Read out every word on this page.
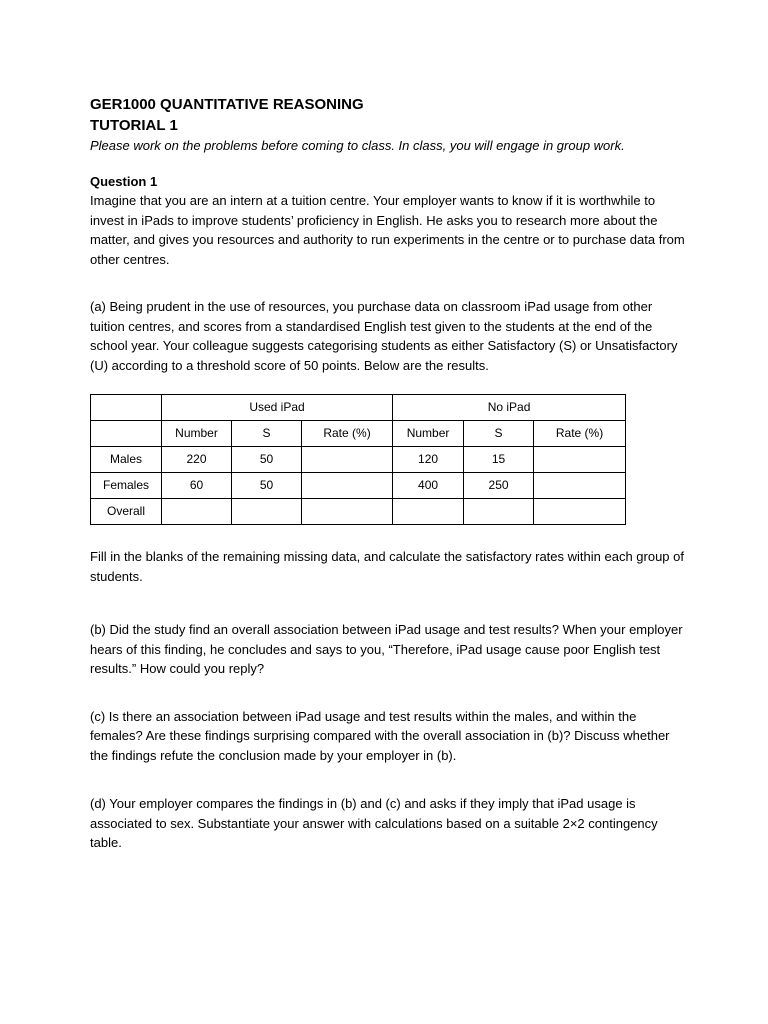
GER1000 QUANTITATIVE REASONING

TUTORIAL 1

Please work on the problems before coming to class. In class, you will engage in group work.

Question 1

Imagine that you are an intern at a tuition centre. Your employer wants to know if it is worthwhile to invest in iPads to improve students’ proficiency in English. He asks you to research more about the matter, and gives you resources and authority to run experiments in the centre or to purchase data from other centres.

(a) Being prudent in the use of resources, you purchase data on classroom iPad usage from other tuition centres, and scores from a standardised English test given to the students at the end of the school year. Your colleague suggests categorising students as either Satisfactory (S) or Unsatisfactory (U) according to a threshold score of 50 points. Below are the results.

	Used iPad			No iPad		
	Number	S	Rate (%)	Number	S	Rate (%)
Males	220	50		120	15	
Females	60	50		400	250	
Overall						

Fill in the blanks of the remaining missing data, and calculate the satisfactory rates within each group of students.

(b) Did the study find an overall association between iPad usage and test results? When your employer hears of this finding, he concludes and says to you, “Therefore, iPad usage cause poor English test results.” How could you reply?

(c) Is there an association between iPad usage and test results within the males, and within the females? Are these findings surprising compared with the overall association in (b)? Discuss whether the findings refute the conclusion made by your employer in (b).

(d) Your employer compares the findings in (b) and (c) and asks if they imply that iPad usage is associated to sex. Substantiate your answer with calculations based on a suitable 2×2 contingency table.
